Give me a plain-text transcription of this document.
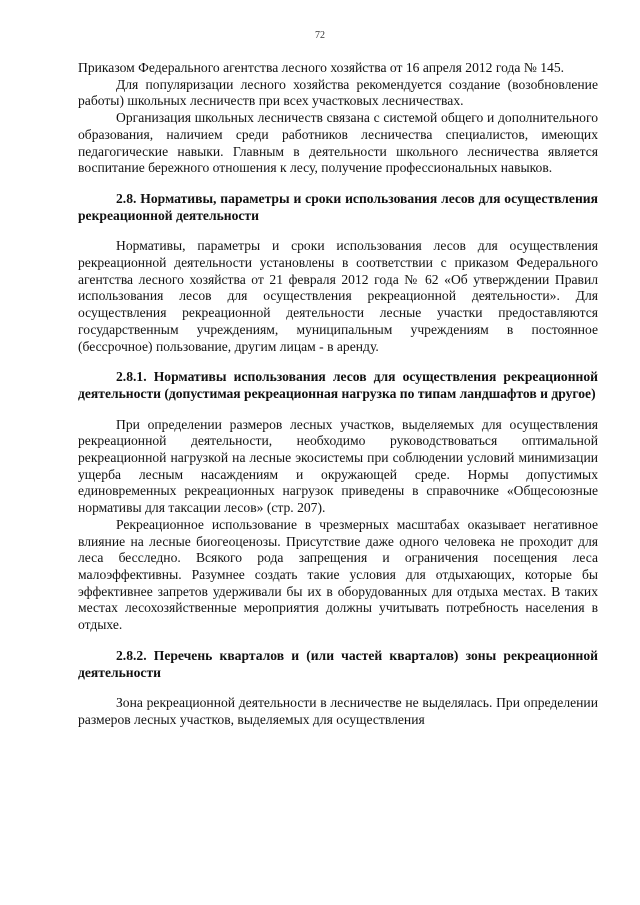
72

Приказом Федерального агентства лесного хозяйства от 16 апреля 2012 года № 145.

Для популяризации лесного хозяйства рекомендуется создание (возобновление работы) школьных лесничеств при всех участковых лесничествах.

Организация школьных лесничеств связана с системой общего и дополнительного образования, наличием среди работников лесничества специалистов, имеющих педагогические навыки. Главным в деятельности школьного лесничества является воспитание бережного отношения к лесу, получение профессиональных навыков.

2.8. Нормативы, параметры и сроки использования лесов для осуществления рекреационной деятельности

Нормативы, параметры и сроки использования лесов для осуществления рекреационной деятельности установлены в соответствии с приказом Федерального агентства лесного хозяйства от 21 февраля 2012 года № 62 «Об утверждении Правил использования лесов для осуществления рекреационной деятельности». Для осуществления рекреационной деятельности лесные участки предоставляются государственным учреждениям, муниципальным учреждениям в постоянное (бессрочное) пользование, другим лицам - в аренду.

2.8.1. Нормативы использования лесов для осуществления рекреационной деятельности (допустимая рекреационная нагрузка по типам ландшафтов и другое)

При определении размеров лесных участков, выделяемых для осуществления рекреационной деятельности, необходимо руководствоваться оптимальной рекреационной нагрузкой на лесные экосистемы при соблюдении условий минимизации ущерба лесным насаждениям и окружающей среде. Нормы допустимых единовременных рекреационных нагрузок приведены в справочнике «Общесоюзные нормативы для таксации лесов» (стр. 207).

Рекреационное использование в чрезмерных масштабах оказывает негативное влияние на лесные биогеоценозы. Присутствие даже одного человека не проходит для леса бесследно. Всякого рода запрещения и ограничения посещения леса малоэффективны. Разумнее создать такие условия для отдыхающих, которые бы эффективнее запретов удерживали бы их в оборудованных для отдыха местах. В таких местах лесохозяйственные мероприятия должны учитывать потребность населения в отдыхе.

2.8.2. Перечень кварталов и (или частей кварталов) зоны рекреационной деятельности

Зона рекреационной деятельности в лесничестве не выделялась. При определении размеров лесных участков, выделяемых для осуществления
